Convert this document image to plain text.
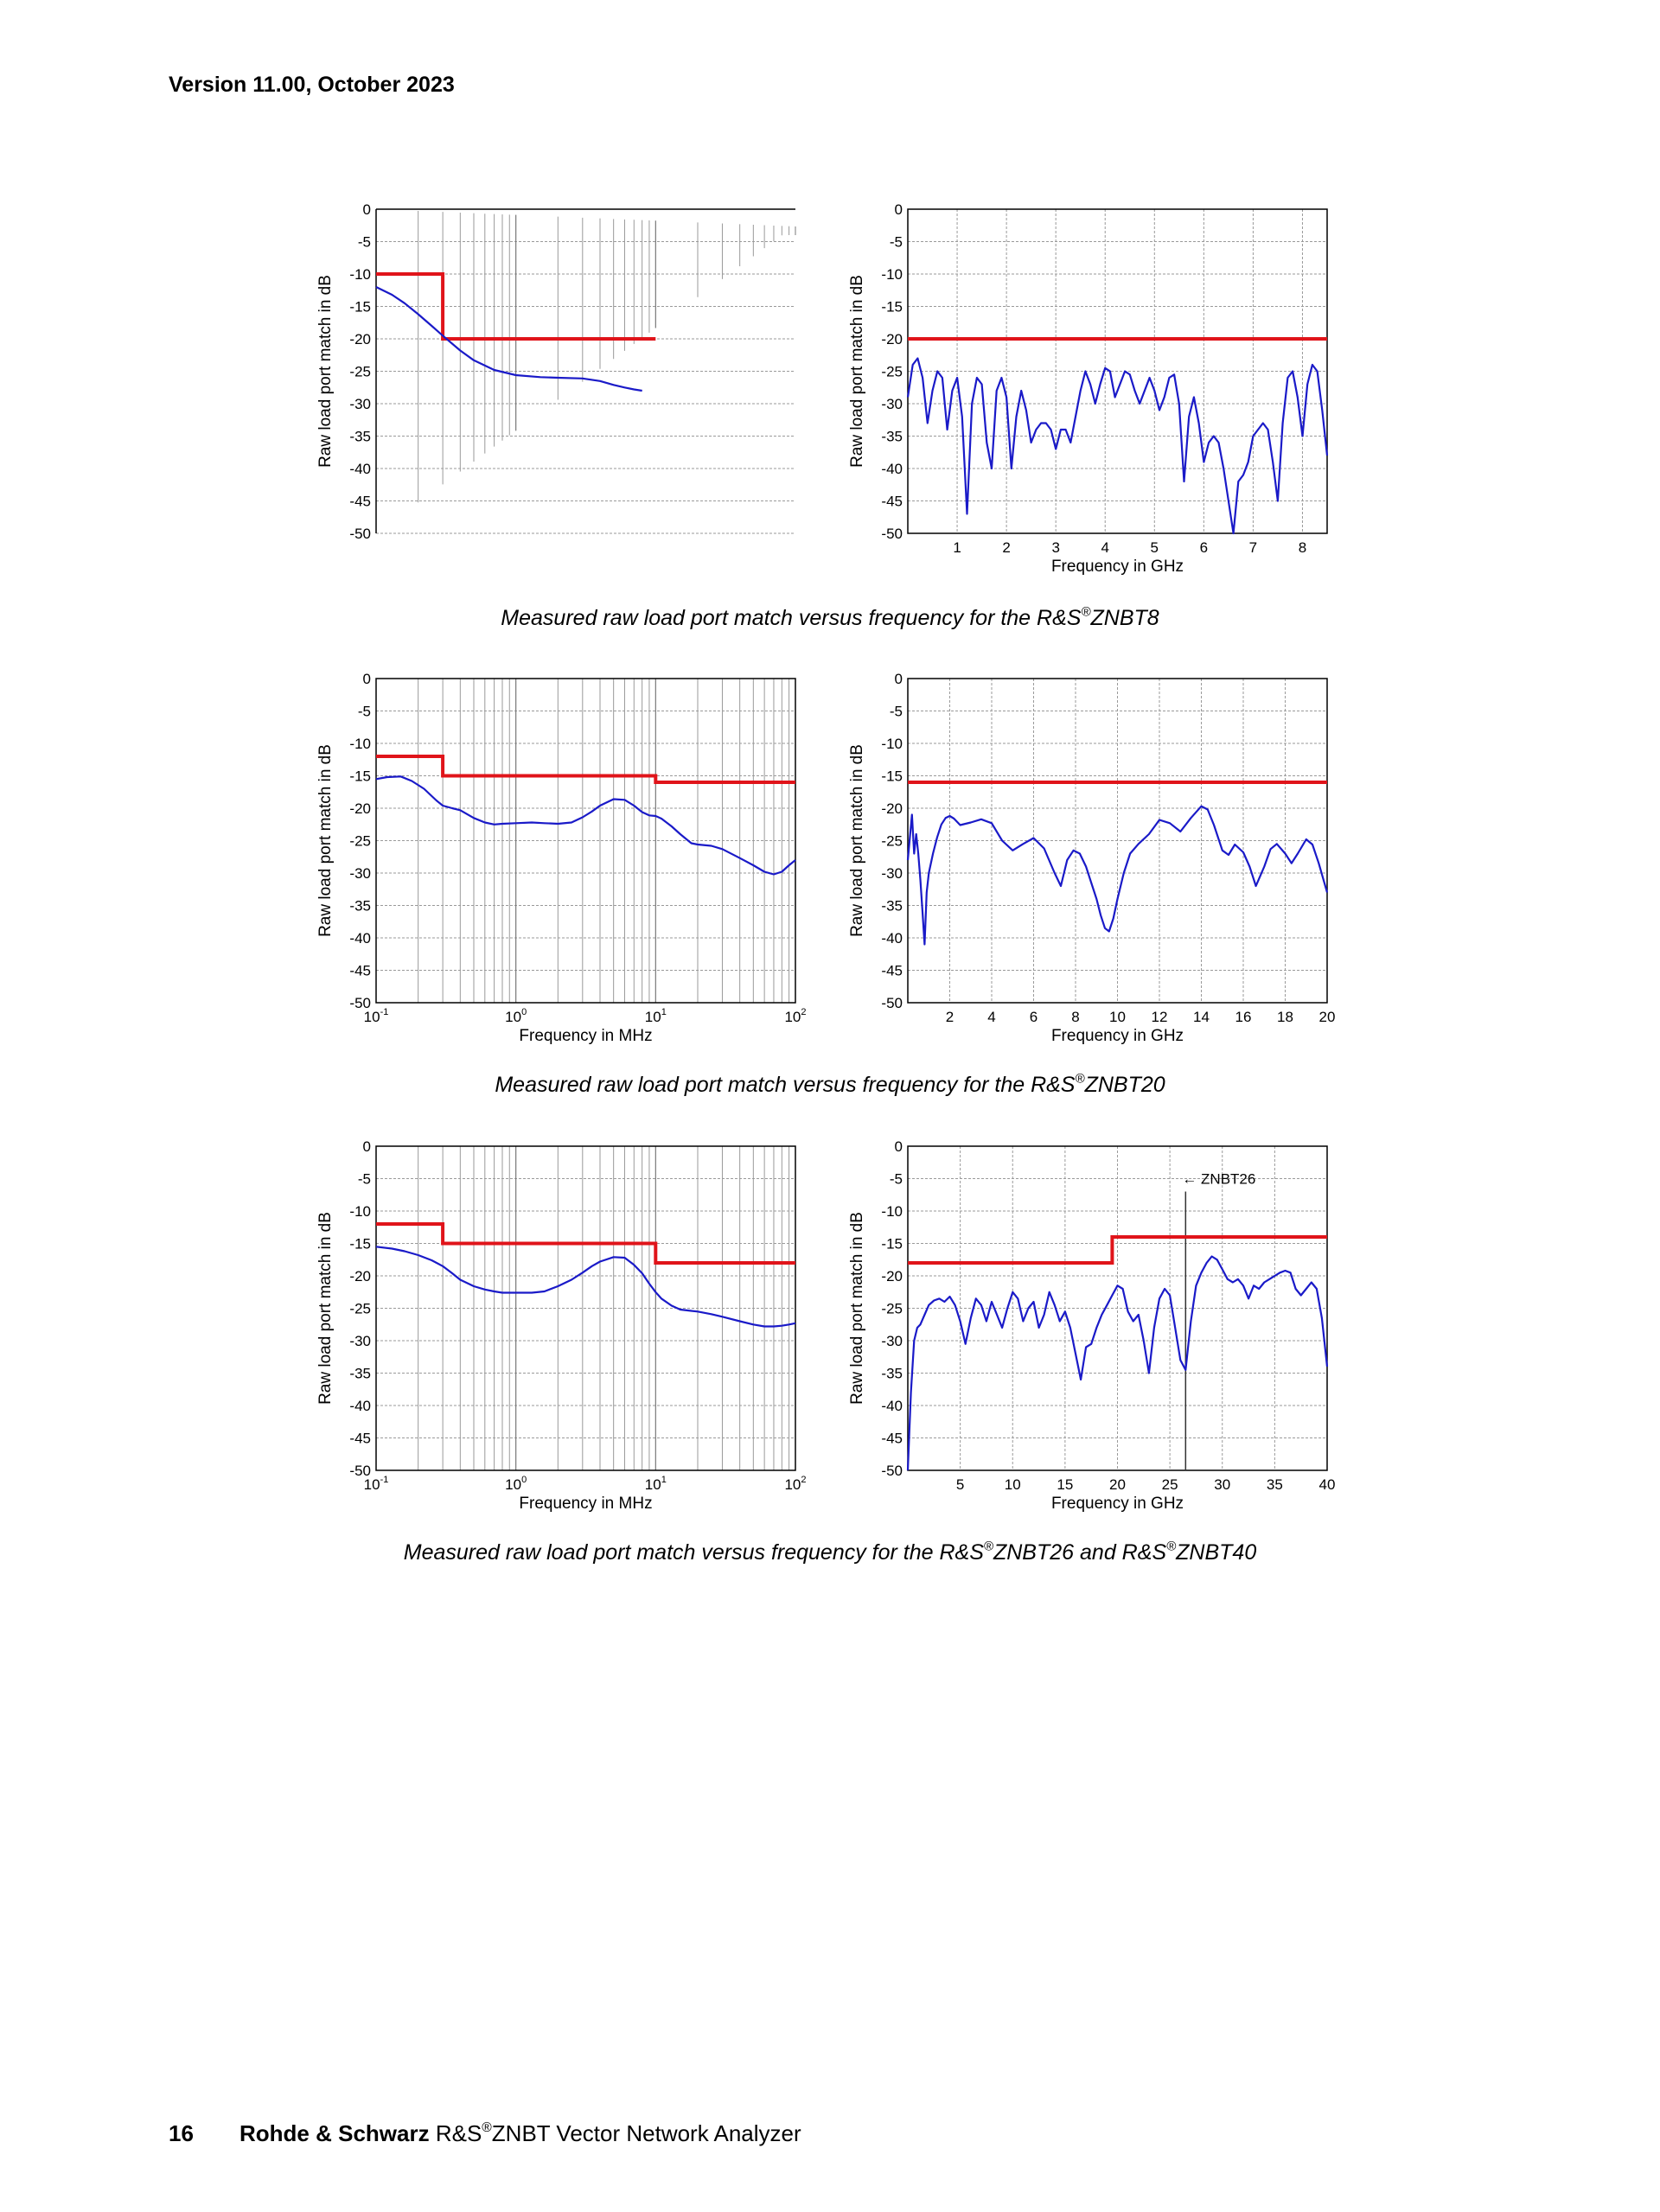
Version 11.00, October 2023
0
-5
-10
-15
-20
-25
-30
-35
-40
-45
-50
Raw load port match in dB
0
-5
-10
-15
-20
-25
-30
-35
-40
-45
-50
1	2	3	4	5	6	7	8
Frequency in GHz
Raw load port match in dB
Measured raw load port match versus frequency for the R&S®ZNBT8
0
-5
-10
-15
-20
-25
-30
-35
-40
-45
-50
$10^{-1}$	$10^0$	$10^1$	$10^2$
Frequency in MHz
Raw load port match in dB
0
-5
-10
-15
-20
-25
-30
-35
-40
-45
-50
2 4 6 8 10 12 14 16 18 20
Frequency in GHz
Raw load port match in dB
Measured raw load port match versus frequency for the R&S®ZNBT20
0
-5
-10
-15
-20
-25
-30
-35
-40
-45
-50
$10^{-1}$	$10^0$	$10^1$	$10^2$
Frequency in MHz
Raw load port match in dB
0
-5
-10
-15
-20
-25
-30
-35
-40
-45
-50
5	10 15 20 25 30 35 40
Frequency in GHz
Raw load port match in dB
← ZNBT26
Measured raw load port match versus frequency for the R&S®ZNBT26 and R&S®ZNBT40
16 Rohde & Schwarz R&S®ZNBT Vector Network Analyzer
